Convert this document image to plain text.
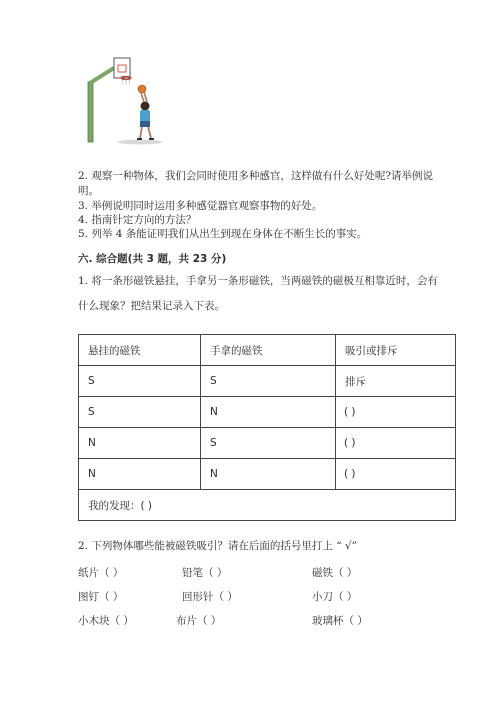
2. 观察一种物体，我们会同时使用多种感官，这样做有什么好处呢?请举例说
明。
3. 举例说明同时运用多种感觉器官观察事物的好处。
4. 指南针定方向的方法？
5. 列举 4 条能证明我们从出生到现在身体在不断生长的事实。
六. 综合题(共 3 题，共 23 分)
1. 将一条形磁铁悬挂，手拿另一条形磁铁，当两磁铁的磁极互相靠近时，会有
什么现象？把结果记录入下表。
悬挂的磁铁	手拿的磁铁	吸引或排斥
S	S	排斥
S	N	( )
N	S	( )
N	N	( )
我的发现：( )		
2. 下列物体哪些能被磁铁吸引？请在后面的括号里打上 “ √”
纸片（ ）	铅笔（ ）	磁铁（ ）
图钉（ ）	回形针（ ）	小刀（ ）
小木块（ ）	布片（ ）	玻璃杯（ ）
